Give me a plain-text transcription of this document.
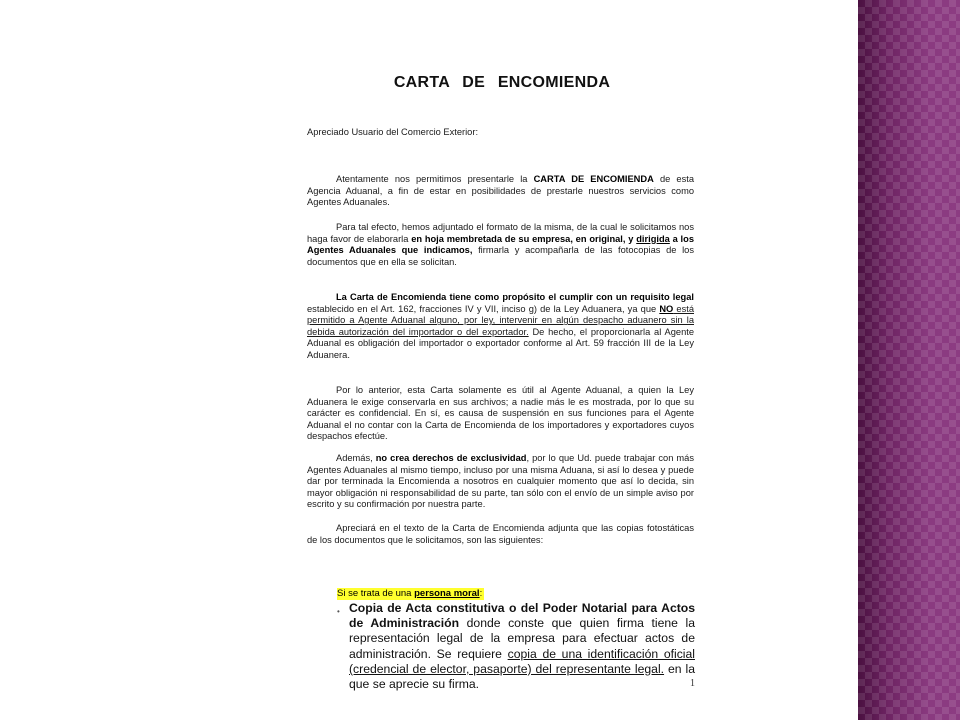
CARTA DE ENCOMIENDA

Apreciado Usuario del Comercio Exterior:

Atentamente nos permitimos presentarle la CARTA DE ENCOMIENDA de esta Agencia Aduanal, a fin de estar en posibilidades de prestarle nuestros servicios como Agentes Aduanales.

Para tal efecto, hemos adjuntado el formato de la misma, de la cual le solicitamos nos haga favor de elaborarla en hoja membretada de su empresa, en original, y dirigida a los Agentes Aduanales que indicamos, firmarla y acompañarla de las fotocopias de los documentos que en ella se solicitan.

La Carta de Encomienda tiene como propósito el cumplir con un requisito legal establecido en el Art. 162, fracciones IV y VII, inciso g) de la Ley Aduanera, ya que NO está permitido a Agente Aduanal alguno, por ley, intervenir en algún despacho aduanero sin la debida autorización del importador o del exportador. De hecho, el proporcionarla al Agente Aduanal es obligación del importador o exportador conforme al Art. 59 fracción III de la Ley Aduanera.

Por lo anterior, esta Carta solamente es útil al Agente Aduanal, a quien la Ley Aduanera le exige conservarla en sus archivos; a nadie más le es mostrada, por lo que su carácter es confidencial. En sí, es causa de suspensión en sus funciones para el Agente Aduanal el no contar con la Carta de Encomienda de los importadores y exportadores cuyos despachos efectúe.

Además, no crea derechos de exclusividad, por lo que Ud. puede trabajar con más Agentes Aduanales al mismo tiempo, incluso por una misma Aduana, si así lo desea y puede dar por terminada la Encomienda a nosotros en cualquier momento que así lo decida, sin mayor obligación ni responsabilidad de su parte, tan sólo con el envío de un simple aviso por escrito y su confirmación por nuestra parte.

Apreciará en el texto de la Carta de Encomienda adjunta que las copias fotostáticas de los documentos que le solicitamos, son las siguientes:

Si se trata de una persona moral:
• Copia de Acta constitutiva o del Poder Notarial para Actos de Administración donde conste que quien firma tiene la representación legal de la empresa para efectuar actos de administración. Se requiere copia de una identificación oficial (credencial de elector, pasaporte) del representante legal. en la que se aprecie su firma.	1
